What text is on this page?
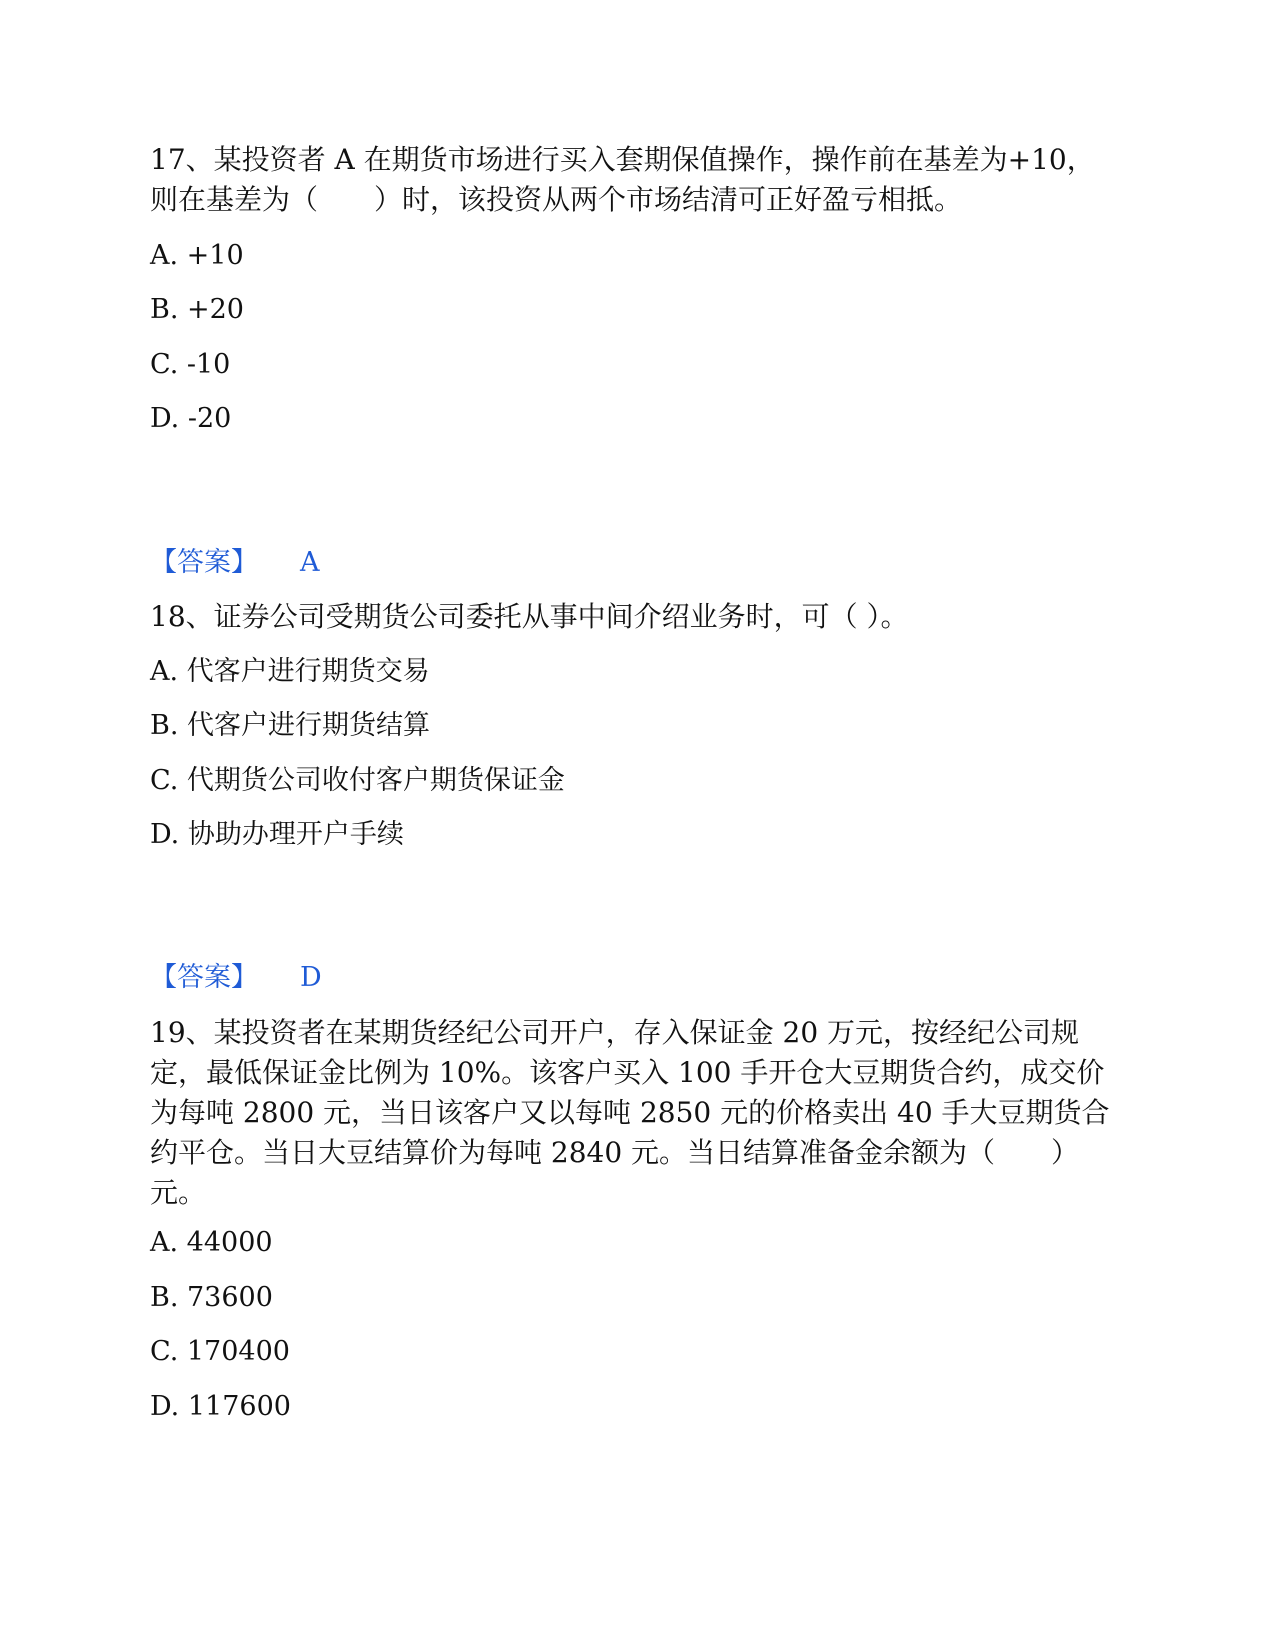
17、某投资者 A 在期货市场进行买入套期保值操作，操作前在基差为+10，则在基差为（　　）时，该投资从两个市场结清可正好盈亏相抵。

A. +10
B. +20
C. -10
D. -20
【答案】 A

18、证券公司受期货公司委托从事中间介绍业务时，可（ ）。

A. 代客户进行期货交易
B. 代客户进行期货结算
C. 代期货公司收付客户期货保证金
D. 协助办理开户手续
【答案】 D

19、某投资者在某期货经纪公司开户，存入保证金 20 万元，按经纪公司规定，最低保证金比例为 10%。该客户买入 100 手开仓大豆期货合约，成交价为每吨 2800 元，当日该客户又以每吨 2850 元的价格卖出 40 手大豆期货合约平仓。当日大豆结算价为每吨 2840 元。当日结算准备金余额为（　　）元。

A. 44000
B. 73600
C. 170400
D. 117600
